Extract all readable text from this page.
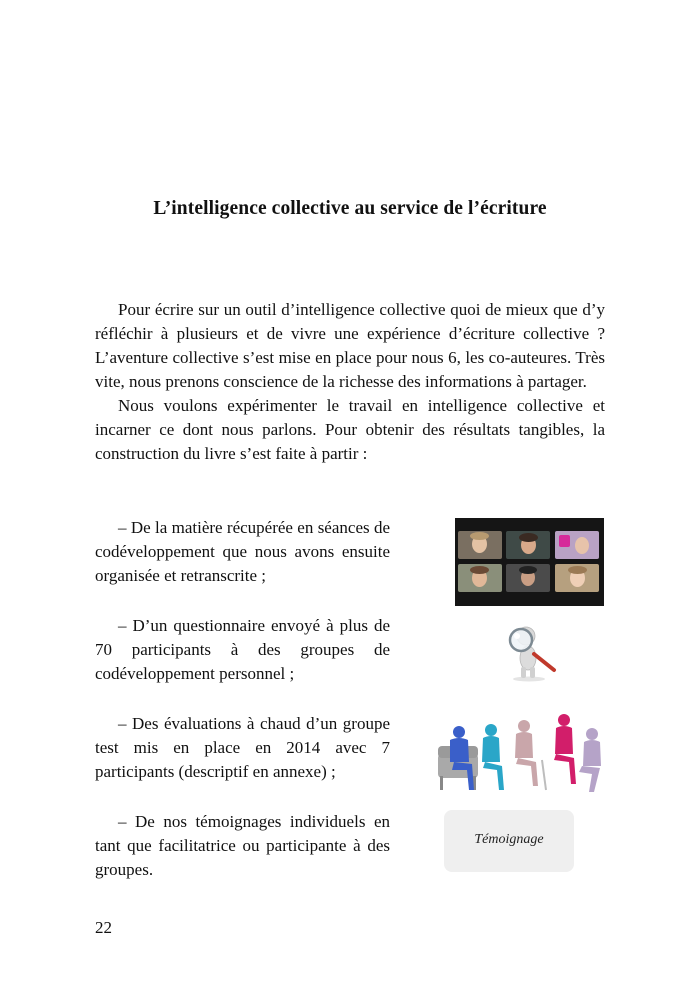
L’intelligence collective au service de l’écriture

Pour écrire sur un outil d’intelligence collective quoi de mieux que d’y réfléchir à plusieurs et de vivre une expérience d’écriture collective ? L’aventure collective s’est mise en place pour nous 6, les co-auteures. Très vite, nous prenons conscience de la richesse des informations à partager.

Nous voulons expérimenter le travail en intelligence collective et incarner ce dont nous parlons. Pour obtenir des résultats tangibles, la construction du livre s’est faite à partir :

– De la matière récupérée en séances de codéveloppement que nous avons ensuite organisée et retranscrite ;

– D’un questionnaire envoyé à plus de 70 participants à des groupes de codéveloppement personnel ;

– Des évaluations à chaud d’un groupe test mis en place en 2014 avec 7 participants (descriptif en annexe) ;

– De nos témoignages individuels en tant que facilitatrice ou participante à des groupes.

Témoignage
22
